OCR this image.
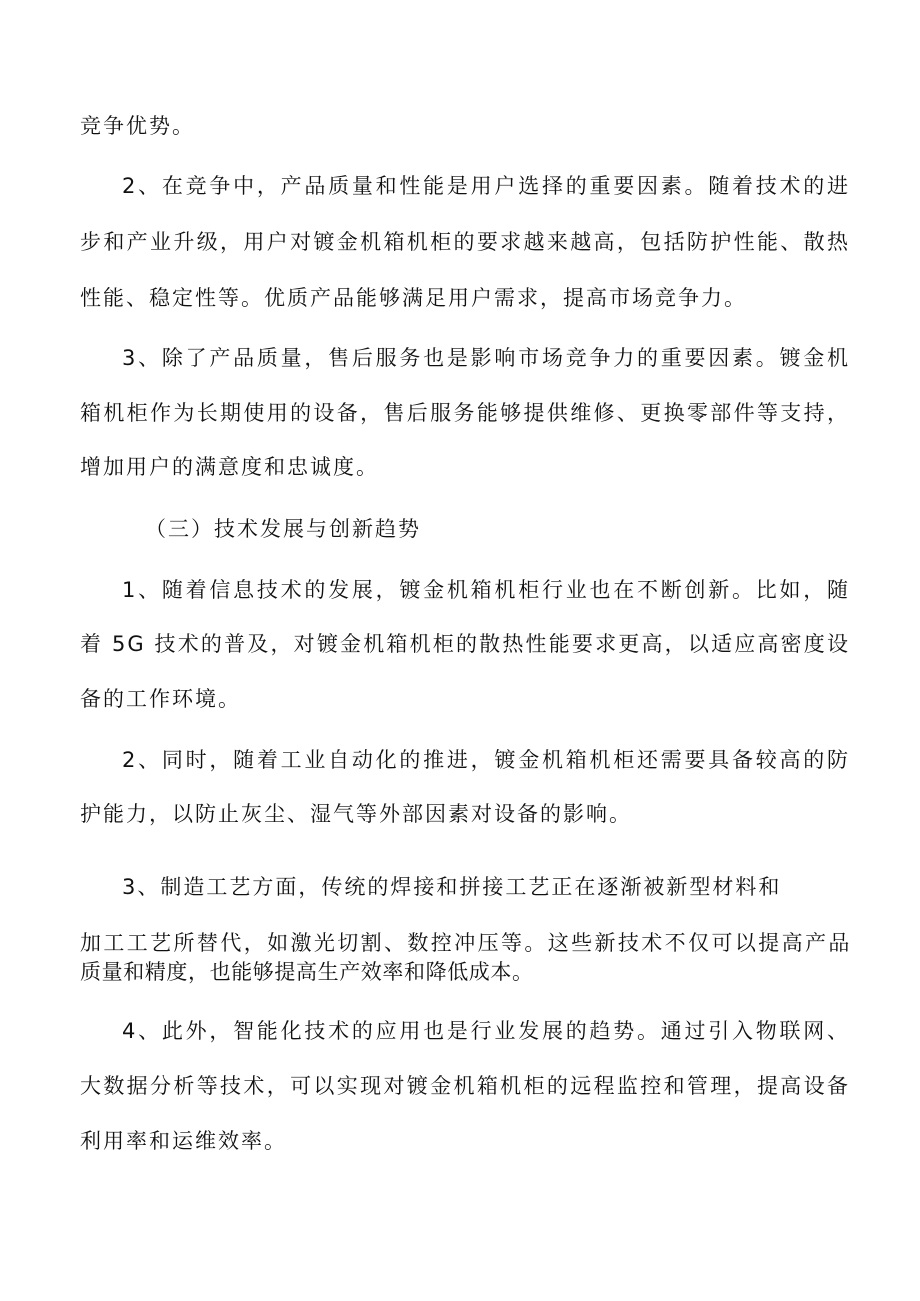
竞争优势。
2、在竞争中，产品质量和性能是用户选择的重要因素。随着技术的进
步和产业升级，用户对镀金机箱机柜的要求越来越高，包括防护性能、散热
性能、稳定性等。优质产品能够满足用户需求，提高市场竞争力。
3、除了产品质量，售后服务也是影响市场竞争力的重要因素。镀金机
箱机柜作为长期使用的设备，售后服务能够提供维修、更换零部件等支持，
增加用户的满意度和忠诚度。
（三）技术发展与创新趋势
1、随着信息技术的发展，镀金机箱机柜行业也在不断创新。比如，随
着 5G 技术的普及，对镀金机箱机柜的散热性能要求更高，以适应高密度设
备的工作环境。
2、同时，随着工业自动化的推进，镀金机箱机柜还需要具备较高的防
护能力，以防止灰尘、湿气等外部因素对设备的影响。
3、制造工艺方面，传统的焊接和拼接工艺正在逐渐被新型材料和
加工工艺所替代，如激光切割、数控冲压等。这些新技术不仅可以提高产品
质量和精度，也能够提高生产效率和降低成本。
4、此外，智能化技术的应用也是行业发展的趋势。通过引入物联网、
大数据分析等技术，可以实现对镀金机箱机柜的远程监控和管理，提高设备
利用率和运维效率。
